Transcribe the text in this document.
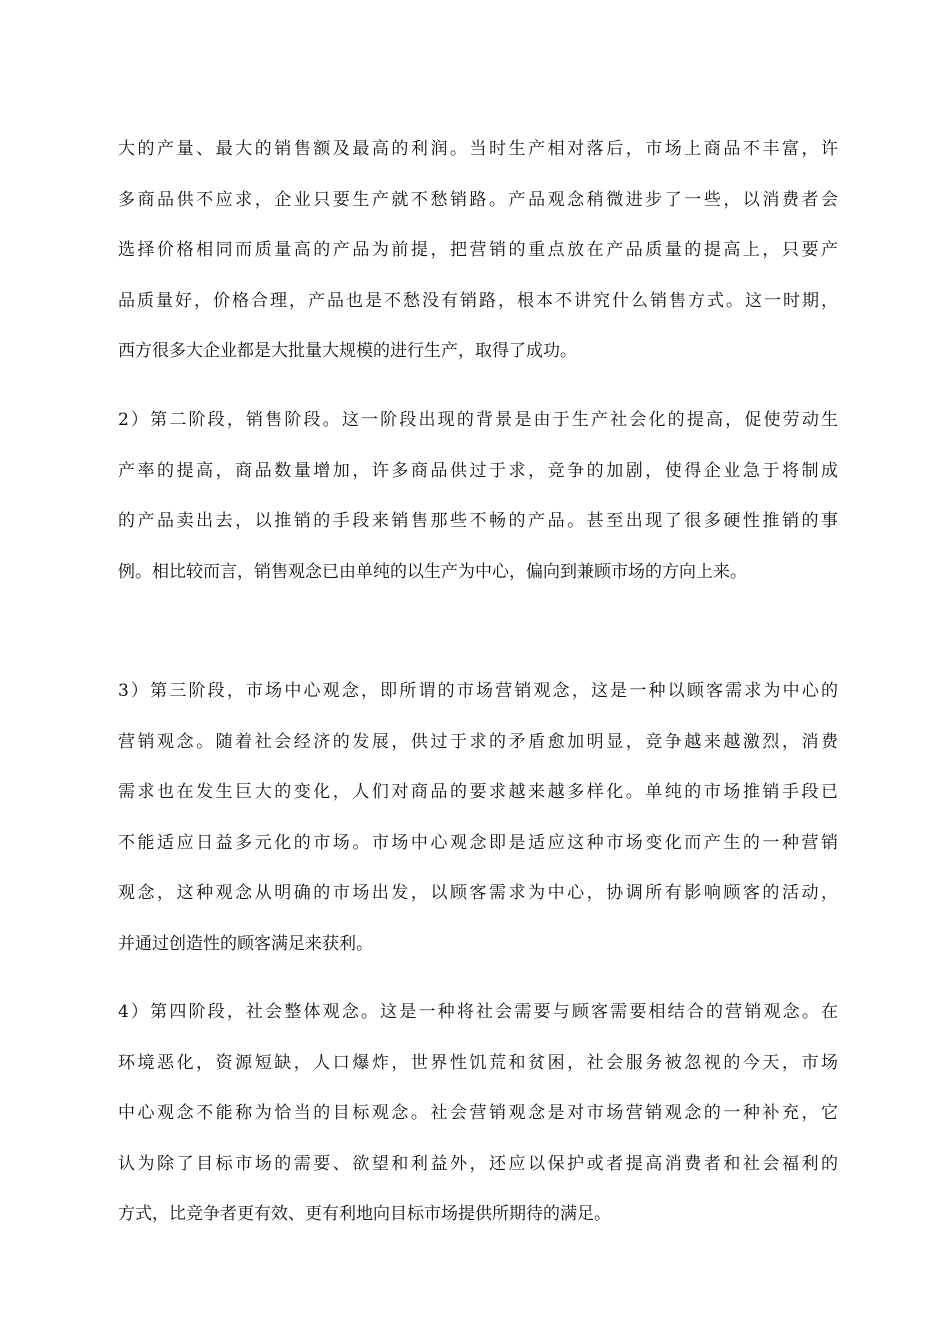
大的产量、最大的销售额及最高的利润。当时生产相对落后，市场上商品不丰富，许
多商品供不应求，企业只要生产就不愁销路。产品观念稍微进步了一些，以消费者会
选择价格相同而质量高的产品为前提，把营销的重点放在产品质量的提高上，只要产
品质量好，价格合理，产品也是不愁没有销路，根本不讲究什么销售方式。这一时期，
西方很多大企业都是大批量大规模的进行生产，取得了成功。

2）第二阶段，销售阶段。这一阶段出现的背景是由于生产社会化的提高，促使劳动生
产率的提高，商品数量增加，许多商品供过于求，竞争的加剧，使得企业急于将制成
的产品卖出去，以推销的手段来销售那些不畅的产品。甚至出现了很多硬性推销的事
例。相比较而言，销售观念已由单纯的以生产为中心，偏向到兼顾市场的方向上来。

3）第三阶段，市场中心观念，即所谓的市场营销观念，这是一种以顾客需求为中心的
营销观念。随着社会经济的发展，供过于求的矛盾愈加明显，竞争越来越激烈，消费
需求也在发生巨大的变化，人们对商品的要求越来越多样化。单纯的市场推销手段已
不能适应日益多元化的市场。市场中心观念即是适应这种市场变化而产生的一种营销
观念，这种观念从明确的市场出发，以顾客需求为中心，协调所有影响顾客的活动，
并通过创造性的顾客满足来获利。

4）第四阶段，社会整体观念。这是一种将社会需要与顾客需要相结合的营销观念。在
环境恶化，资源短缺，人口爆炸，世界性饥荒和贫困，社会服务被忽视的今天，市场
中心观念不能称为恰当的目标观念。社会营销观念是对市场营销观念的一种补充，它
认为除了目标市场的需要、欲望和利益外，还应以保护或者提高消费者和社会福利的
方式，比竞争者更有效、更有利地向目标市场提供所期待的满足。
